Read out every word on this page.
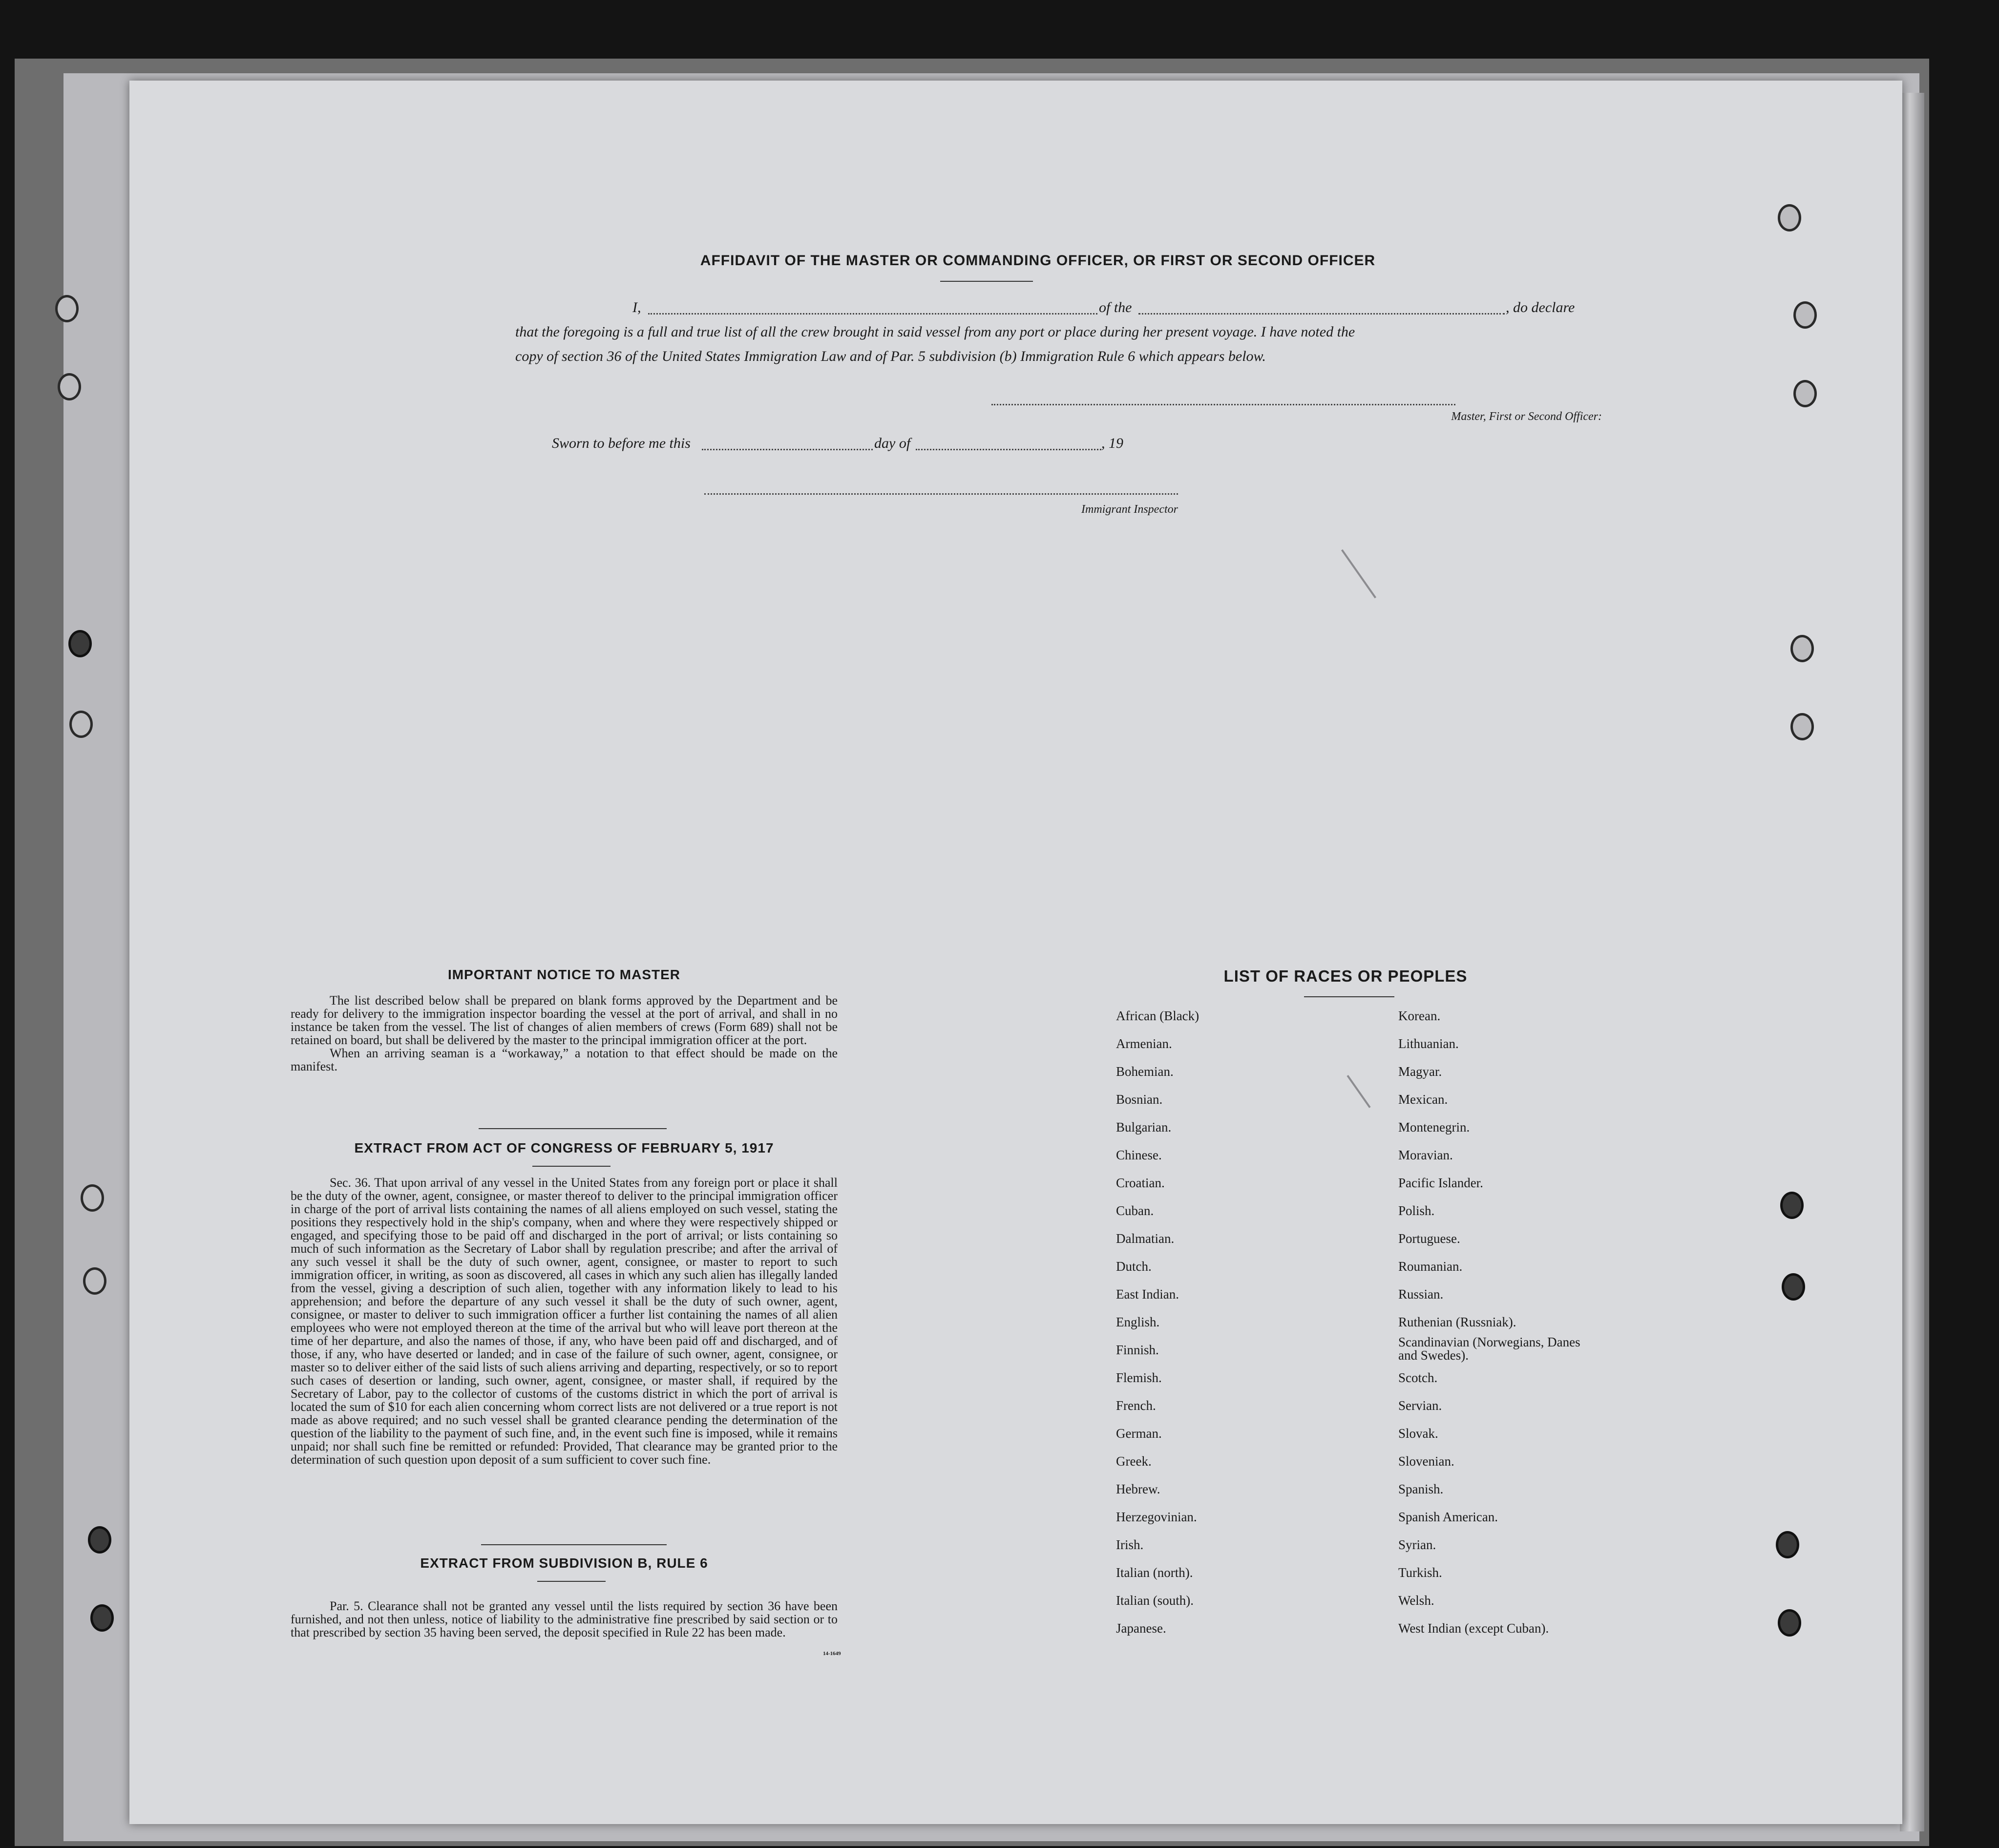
AFFIDAVIT OF THE MASTER OR COMMANDING OFFICER, OR FIRST OR SECOND OFFICER
I,	of the	, do declare
that the foregoing is a full and true list of all the crew brought in said vessel from any port or place during her present voyage. I have noted the
copy of section 36 of the United States Immigration Law and of Par. 5 subdivision (b) Immigration Rule 6 which appears below.
Master, First or Second Officer:
Sworn to before me this	day of	, 19
Immigrant Inspector
IMPORTANT NOTICE TO MASTER

The list described below shall be prepared on blank forms approved by the Department and be ready for delivery to the immigration inspector boarding the vessel at the port of arrival, and shall in no instance be taken from the vessel. The list of changes of alien members of crews (Form 689) shall not be retained on board, but shall be delivered by the master to the principal immigration officer at the port.

When an arriving seaman is a “workaway,” a notation to that effect should be made on the manifest.

EXTRACT FROM ACT OF CONGRESS OF FEBRUARY 5, 1917
Sec. 36. That upon arrival of any vessel in the United States from any foreign port or place it shall be the duty of the owner, agent, consignee, or master thereof to deliver to the principal immigration officer in charge of the port of arrival lists containing the names of all aliens employed on such vessel, stating the positions they respectively hold in the ship's company, when and where they were respectively shipped or engaged, and specifying those to be paid off and discharged in the port of arrival; or lists containing so much of such information as the Secretary of Labor shall by regulation prescribe; and after the arrival of any such vessel it shall be the duty of such owner, agent, consignee, or master to report to such immigration officer, in writing, as soon as discovered, all cases in which any such alien has illegally landed from the vessel, giving a description of such alien, together with any information likely to lead to his apprehension; and before the departure of any such vessel it shall be the duty of such owner, agent, consignee, or master to deliver to such immigration officer a further list containing the names of all alien employees who were not employed thereon at the time of the arrival but who will leave port thereon at the time of her departure, and also the names of those, if any, who have been paid off and discharged, and of those, if any, who have deserted or landed; and in case of the failure of such owner, agent, consignee, or master so to deliver either of the said lists of such aliens arriving and departing, respectively, or so to report such cases of desertion or landing, such owner, agent, consignee, or master shall, if required by the Secretary of Labor, pay to the collector of customs of the customs district in which the port of arrival is located the sum of $10 for each alien concerning whom correct lists are not delivered or a true report is not made as above required; and no such vessel shall be granted clearance pending the determination of the question of the liability to the payment of such fine, and, in the event such fine is imposed, while it remains unpaid; nor shall such fine be remitted or refunded: Provided, That clearance may be granted prior to the determination of such question upon deposit of a sum sufficient to cover such fine.
EXTRACT FROM SUBDIVISION B, RULE 6
Par. 5. Clearance shall not be granted any vessel until the lists required by section 36 have been furnished, and not then unless, notice of liability to the administrative fine prescribed by said section or to that prescribed by section 35 having been served, the deposit specified in Rule 22 has been made.
14-1649
LIST OF RACES OR PEOPLES
African (Black)
Armenian.
Bohemian.
Bosnian.
Bulgarian.
Chinese.
Croatian.
Cuban.
Dalmatian.
Dutch.
East Indian.
English.
Finnish.
Flemish.
French.
German.
Greek.
Hebrew.
Herzegovinian.
Irish.
Italian (north).
Italian (south).
Japanese.
Korean.
Lithuanian.
Magyar.
Mexican.
Montenegrin.
Moravian.
Pacific Islander.
Polish.
Portuguese.
Roumanian.
Russian.
Ruthenian (Russniak).
Scandinavian (Norwegians, Danes and Swedes).
Scotch.
Servian.
Slovak.
Slovenian.
Spanish.
Spanish American.
Syrian.
Turkish.
Welsh.
West Indian (except Cuban).
